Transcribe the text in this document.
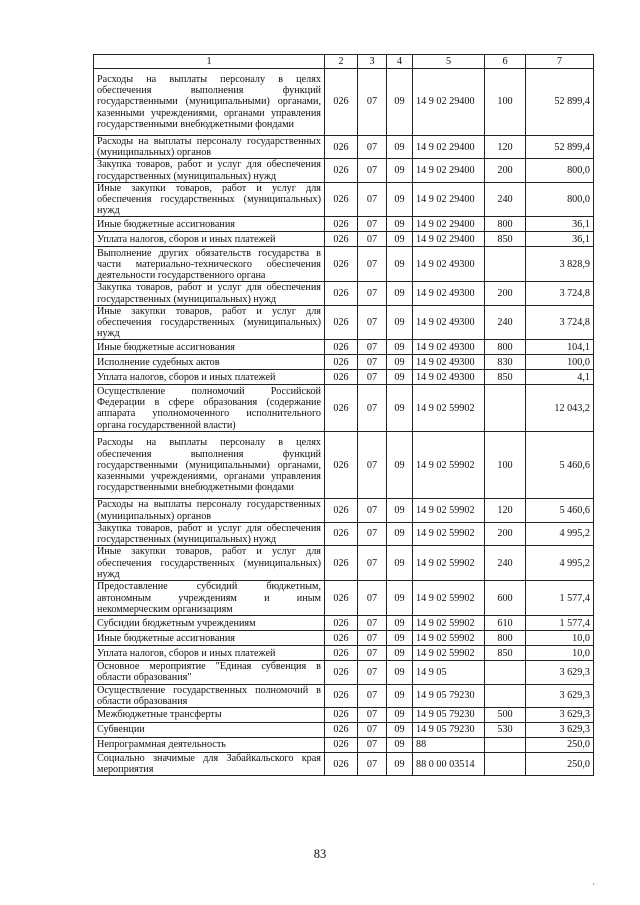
1	2	3	4	5	6	7
Расходы на выплаты персоналу в целях обеспечения выполнения функций государственными (муниципальными) органами, казенными учреждениями, органами управления государственными внебюджетными фондами	026	07	09	14 9 02 29400	100	52 899,4
Расходы на выплаты персоналу государственных (муниципальных) органов	026	07	09	14 9 02 29400	120	52 899,4
Закупка товаров, работ и услуг для обеспечения государственных (муниципальных) нужд	026	07	09	14 9 02 29400	200	800,0
Иные закупки товаров, работ и услуг для обеспечения государственных (муниципальных) нужд	026	07	09	14 9 02 29400	240	800,0
Иные бюджетные ассигнования	026	07	09	14 9 02 29400	800	36,1
Уплата налогов, сборов и иных платежей	026	07	09	14 9 02 29400	850	36,1
Выполнение других обязательств государства в части материально-технического обеспечения деятельности государственного органа	026	07	09	14 9 02 49300		3 828,9
Закупка товаров, работ и услуг для обеспечения государственных (муниципальных) нужд	026	07	09	14 9 02 49300	200	3 724,8
Иные закупки товаров, работ и услуг для обеспечения государственных (муниципальных) нужд	026	07	09	14 9 02 49300	240	3 724,8
Иные бюджетные ассигнования	026	07	09	14 9 02 49300	800	104,1
Исполнение судебных актов	026	07	09	14 9 02 49300	830	100,0
Уплата налогов, сборов и иных платежей	026	07	09	14 9 02 49300	850	4,1
Осуществление полномочий Российской Федерации в сфере образования (содержание аппарата уполномоченного исполнительного органа государственной власти)	026	07	09	14 9 02 59902		12 043,2
Расходы на выплаты персоналу в целях обеспечения выполнения функций государственными (муниципальными) органами, казенными учреждениями, органами управления государственными внебюджетными фондами	026	07	09	14 9 02 59902	100	5 460,6
Расходы на выплаты персоналу государственных (муниципальных) органов	026	07	09	14 9 02 59902	120	5 460,6
Закупка товаров, работ и услуг для обеспечения государственных (муниципальных) нужд	026	07	09	14 9 02 59902	200	4 995,2
Иные закупки товаров, работ и услуг для обеспечения государственных (муниципальных) нужд	026	07	09	14 9 02 59902	240	4 995,2
Предоставление субсидий бюджетным, автономным учреждениям и иным некоммерческим организациям	026	07	09	14 9 02 59902	600	1 577,4
Субсидии бюджетным учреждениям	026	07	09	14 9 02 59902	610	1 577,4
Иные бюджетные ассигнования	026	07	09	14 9 02 59902	800	10,0
Уплата налогов, сборов и иных платежей	026	07	09	14 9 02 59902	850	10,0
Основное мероприятие "Единая субвенция в области образования"	026	07	09	14 9 05		3 629,3
Осуществление государственных полномочий в области образования	026	07	09	14 9 05 79230		3 629,3
Межбюджетные трансферты	026	07	09	14 9 05 79230	500	3 629,3
Субвенции	026	07	09	14 9 05 79230	530	3 629,3
Непрограммная деятельность	026	07	09	88		250,0
Социально значимые для Забайкальского края мероприятия	026	07	09	88 0 00 03514		250,0
83
·
